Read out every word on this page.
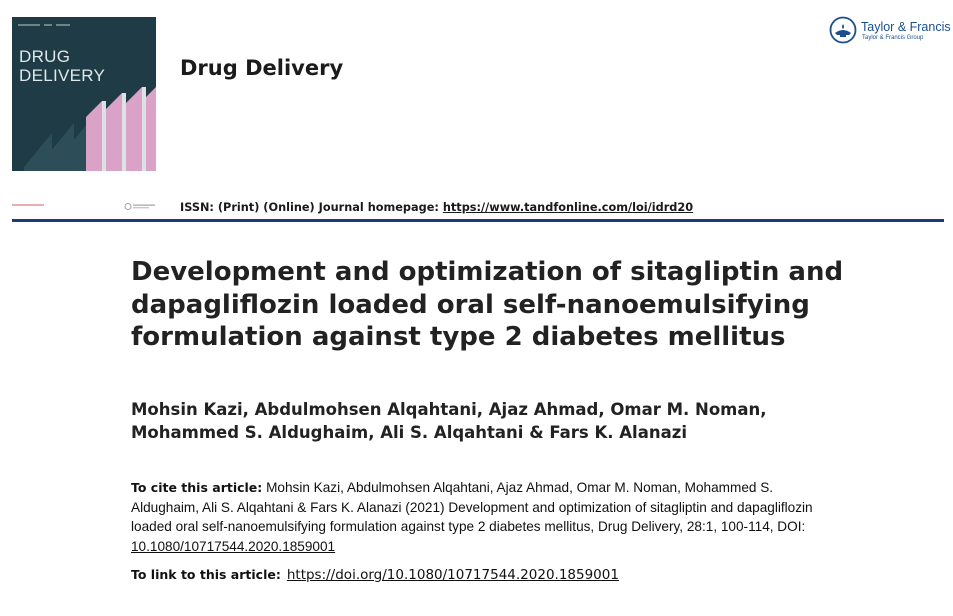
DRUG
DELIVERY	Drug Delivery
Taylor & Francis
Taylor & Francis Group
ISSN: (Print) (Online) Journal homepage: https://www.tandfonline.com/loi/idrd20
Development and optimization of sitagliptin and dapagliflozin loaded oral self-nanoemulsifying formulation against type 2 diabetes mellitus
Mohsin Kazi, Abdulmohsen Alqahtani, Ajaz Ahmad, Omar M. Noman,
Mohammed S. Aldughaim, Ali S. Alqahtani & Fars K. Alanazi
To cite this article: Mohsin Kazi, Abdulmohsen Alqahtani, Ajaz Ahmad, Omar M. Noman, Mohammed S. Aldughaim, Ali S. Alqahtani & Fars K. Alanazi (2021) Development and optimization of sitagliptin and dapagliflozin loaded oral self-nanoemulsifying formulation against type 2 diabetes mellitus, Drug Delivery, 28:1, 100-114, DOI: 10.1080/10717544.2020.1859001
To link to this article: https://doi.org/10.1080/10717544.2020.1859001
